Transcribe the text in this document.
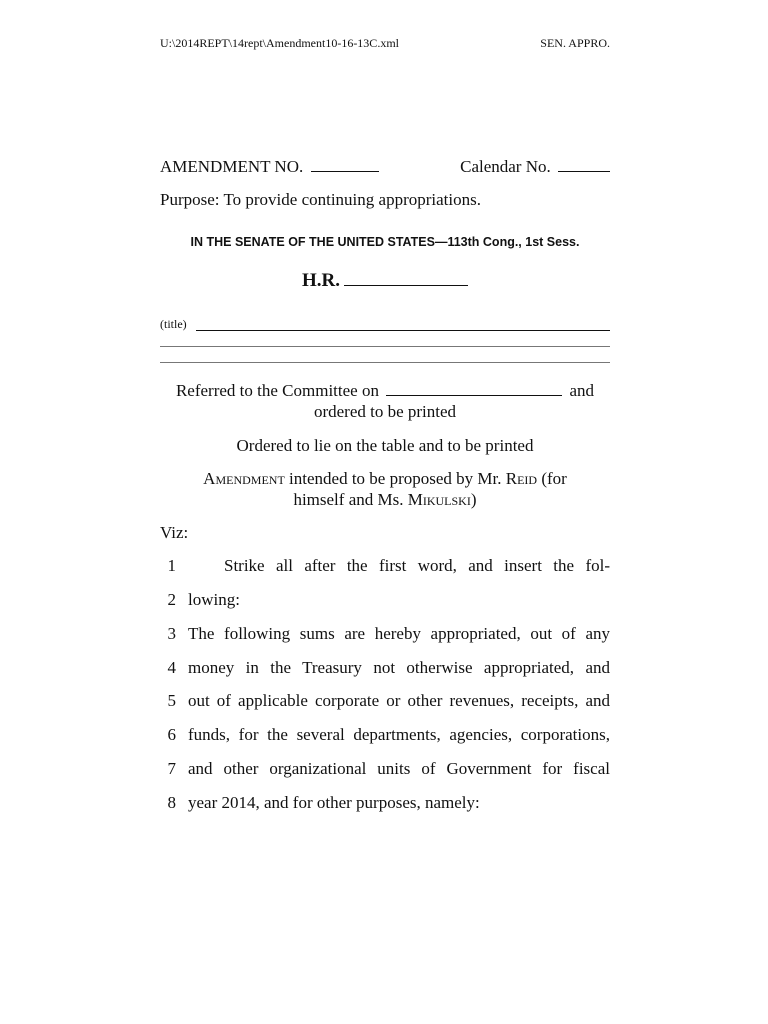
U:\2014REPT\14rept\Amendment10-16-13C.xml	SEN. APPRO.
AMENDMENT NO.	Calendar No.
Purpose: To provide continuing appropriations.
IN THE SENATE OF THE UNITED STATES—113th Cong., 1st Sess.
H.R.
(title)
Referred to the Committee on	and
ordered to be printed
Ordered to lie on the table and to be printed
Amendment intended to be proposed by Mr. Reid (for
himself and Ms. Mikulski)
Viz:
1	Strike all after the first word, and insert the fol-
2 lowing:
3 The following sums are hereby appropriated, out of any
4 money in the Treasury not otherwise appropriated, and
5 out of applicable corporate or other revenues, receipts, and
6 funds, for the several departments, agencies, corporations,
7 and other organizational units of Government for fiscal
8 year 2014, and for other purposes, namely:
